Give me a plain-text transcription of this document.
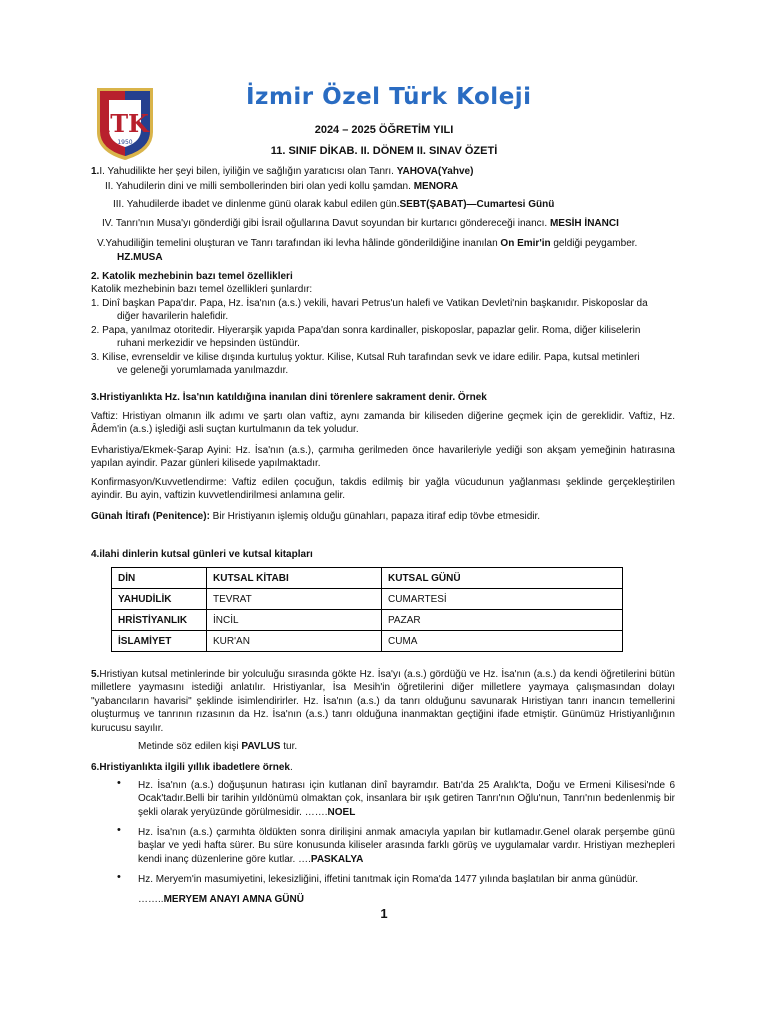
iTK
1950
İzmir Özel Türk Koleji
2024 – 2025 ÖĞRETİM YILI
11. SINIF DİKAB. II. DÖNEM II. SINAV ÖZETİ
1.I. Yahudilikte her şeyi bilen, iyiliğin ve sağlığın yaratıcısı olan Tanrı. YAHOVA(Yahve)
II. Yahudilerin dini ve milli sembollerinden biri olan yedi kollu şamdan. MENORA
III. Yahudilerde ibadet ve dinlenme günü olarak kabul edilen gün.SEBT(ŞABAT)—Cumartesi Günü
IV. Tanrı'nın Musa'yı gönderdiği gibi İsrail oğullarına Davut soyundan bir kurtarıcı göndereceği inancı. MESİH İNANCI
V.Yahudiliğin temelini oluşturan ve Tanrı tarafından iki levha hâlinde gönderildiğine inanılan On Emir'in geldiği peygamber.
HZ.MUSA
2. Katolik mezhebinin bazı temel özellikleri
Katolik mezhebinin bazı temel özellikleri şunlardır:
1. Dinî başkan Papa'dır. Papa, Hz. İsa'nın (a.s.) vekili, havari Petrus'un halefi ve Vatikan Devleti'nin başkanıdır. Piskoposlar da
diğer havarilerin halefidir.
2. Papa, yanılmaz otoritedir. Hiyerarşik yapıda Papa'dan sonra kardinaller, piskoposlar, papazlar gelir. Roma, diğer kiliselerin
ruhani merkezidir ve hepsinden üstündür.
3. Kilise, evrenseldir ve kilise dışında kurtuluş yoktur. Kilise, Kutsal Ruh tarafından sevk ve idare edilir. Papa, kutsal metinleri
ve geleneği yorumlamada yanılmazdır.
3.Hristiyanlıkta Hz. İsa'nın katıldığına inanılan dini törenlere sakrament denir. Örnek
Vaftiz: Hristiyan olmanın ilk adımı ve şartı olan vaftiz, aynı zamanda bir kiliseden diğerine geçmek için de gereklidir. Vaftiz, Hz. Âdem'in (a.s.) işlediği asli suçtan kurtulmanın da tek yoludur.
Evharistiya/Ekmek-Şarap Ayini: Hz. İsa'nın (a.s.), çarmıha gerilmeden önce havarileriyle yediği son akşam yemeğinin hatırasına yapılan ayindir. Pazar günleri kilisede yapılmaktadır.
Konfirmasyon/Kuvvetlendirme: Vaftiz edilen çocuğun, takdis edilmiş bir yağla vücudunun yağlanması şeklinde gerçekleştirilen ayindir. Bu ayin, vaftizin kuvvetlendirilmesi anlamına gelir.
Günah İtirafı (Penitence): Bir Hristiyanın işlemiş olduğu günahları, papaza itiraf edip tövbe etmesidir.
4.ilahi dinlerin kutsal günleri ve kutsal kitapları
DİN	KUTSAL KİTABI	KUTSAL GÜNÜ
YAHUDİLİK	TEVRAT	CUMARTESİ
HRİSTİYANLIK	İNCİL	PAZAR
İSLAMİYET	KUR'AN	CUMA
5.Hristiyan kutsal metinlerinde bir yolculuğu sırasında gökte Hz. İsa'yı (a.s.) gördüğü ve Hz. İsa'nın (a.s.) da kendi öğretilerini bütün milletlere yaymasını istediği anlatılır. Hristiyanlar, İsa Mesih'in öğretilerini diğer milletlere yaymaya çalışmasından dolayı "yabancıların havarisi" şeklinde isimlendirirler. Hz. İsa'nın (a.s.) da tanrı olduğunu savunarak Hıristiyan tanrı inancın temellerini oluşturmuş ve tanrının rızasının da Hz. İsa'nın (a.s.) tanrı olduğuna inanmaktan geçtiğini ifade etmiştir. Günümüz Hristiyanlığının kurucusu sayılır.
Metinde söz edilen kişi PAVLUS tur.
6.Hristiyanlıkta ilgili yıllık ibadetlere örnek.
• Hz. İsa'nın (a.s.) doğuşunun hatırası için kutlanan dinî bayramdır. Batı'da 25 Aralık'ta, Doğu ve Ermeni Kilisesi'nde 6 Ocak'tadır.Belli bir tarihin yıldönümü olmaktan çok, insanlara bir ışık getiren Tanrı'nın Oğlu'nun, Tanrı'nın bedenlenmiş bir şekli olarak yeryüzünde görülmesidir. …….NOEL
• Hz. İsa'nın (a.s.) çarmıhta öldükten sonra dirilişini anmak amacıyla yapılan bir kutlamadır.Genel olarak perşembe günü başlar ve yedi hafta sürer. Bu süre konusunda kiliseler arasında farklı görüş ve uygulamalar vardır. Hristiyan mezhepleri kendi inanç düzenlerine göre kutlar. ….PASKALYA
• Hz. Meryem'in masumiyetini, lekesizliğini, iffetini tanıtmak için Roma'da 1477 yılında başlatılan bir anma günüdür.
……..MERYEM ANAYI AMNA GÜNÜ
1
